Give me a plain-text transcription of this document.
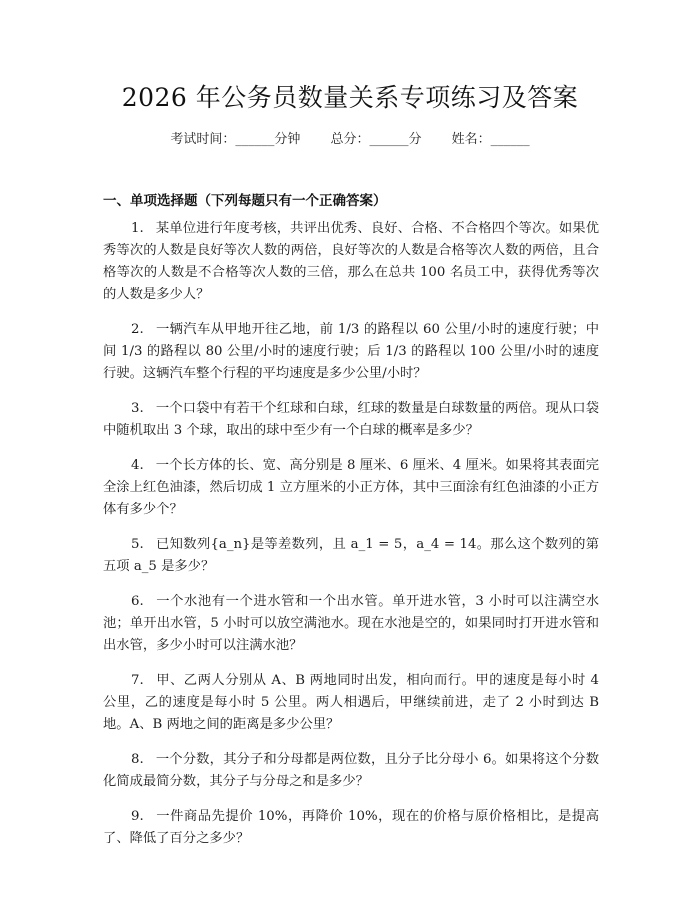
2026 年公务员数量关系专项练习及答案
考试时间：______分钟 总分：______分 姓名：______
一、单项选择题（下列每题只有一个正确答案）

1. 某单位进行年度考核，共评出优秀、良好、合格、不合格四个等次。如果优秀等次的人数是良好等次人数的两倍，良好等次的人数是合格等次人数的两倍，且合格等次的人数是不合格等次人数的三倍，那么在总共 100 名员工中，获得优秀等次的人数是多少人？

2. 一辆汽车从甲地开往乙地，前 1/3 的路程以 60 公里/小时的速度行驶；中间 1/3 的路程以 80 公里/小时的速度行驶；后 1/3 的路程以 100 公里/小时的速度行驶。这辆汽车整个行程的平均速度是多少公里/小时？

3. 一个口袋中有若干个红球和白球，红球的数量是白球数量的两倍。现从口袋中随机取出 3 个球，取出的球中至少有一个白球的概率是多少？

4. 一个长方体的长、宽、高分别是 8 厘米、6 厘米、4 厘米。如果将其表面完全涂上红色油漆，然后切成 1 立方厘米的小正方体，其中三面涂有红色油漆的小正方体有多少个？

5. 已知数列{a_n}是等差数列，且 a_1 = 5，a_4 = 14。那么这个数列的第五项 a_5 是多少？

6. 一个水池有一个进水管和一个出水管。单开进水管，3 小时可以注满空水池；单开出水管，5 小时可以放空满池水。现在水池是空的，如果同时打开进水管和出水管，多少小时可以注满水池？

7. 甲、乙两人分别从 A、B 两地同时出发，相向而行。甲的速度是每小时 4 公里，乙的速度是每小时 5 公里。两人相遇后，甲继续前进，走了 2 小时到达 B 地。A、B 两地之间的距离是多少公里？

8. 一个分数，其分子和分母都是两位数，且分子比分母小 6。如果将这个分数化简成最简分数，其分子与分母之和是多少？

9. 一件商品先提价 10%，再降价 10%，现在的价格与原价格相比，是提高了、降低了百分之多少？
